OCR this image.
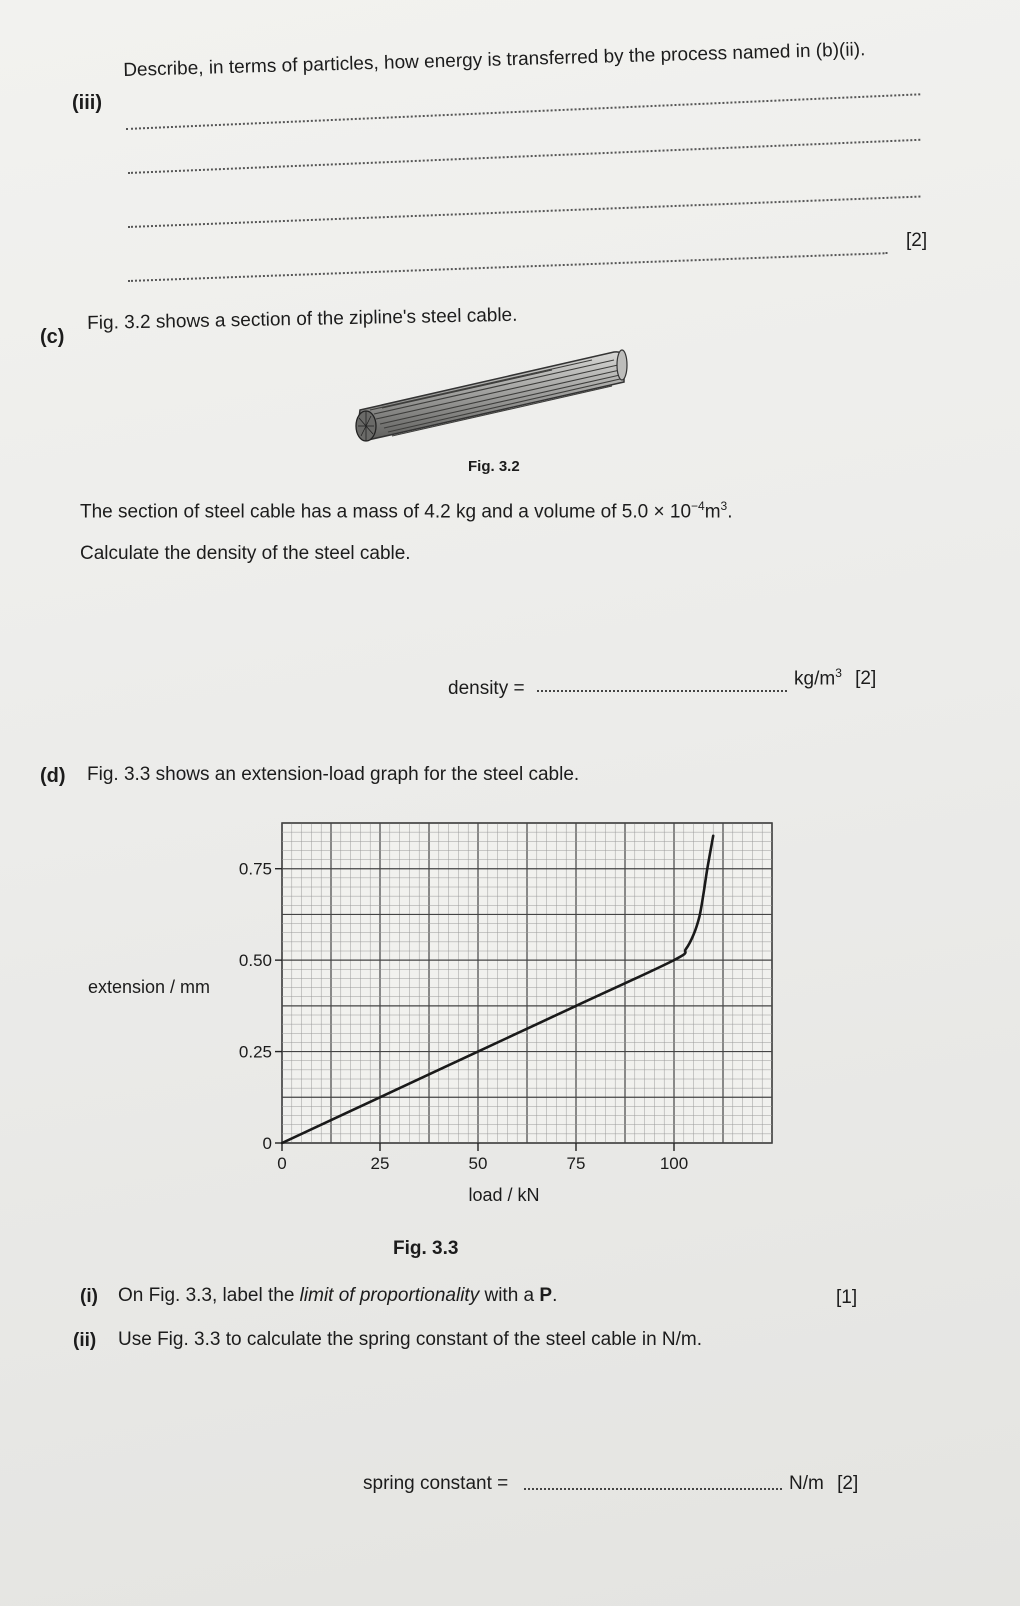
(iii)
Describe, in terms of particles, how energy is transferred by the process named in (b)(ii).
[2]
(c)
Fig. 3.2 shows a section of the zipline's steel cable.
Fig. 3.2
The section of steel cable has a mass of 4.2 kg and a volume of $5.0 \times 10^{-4}m^3$.
Calculate the density of the steel cable.
density =	$kg/m^3$ [2]
(d) Fig. 3.3 shows an extension-load graph for the steel cable.
0	25	50	75	100
0
0.25
0.50
0.75
extension / mm
load / kN
Fig. 3.3
(i) On Fig. 3.3, label the limit of proportionality with a P.	[1]
(ii) Use Fig. 3.3 to calculate the spring constant of the steel cable in N/m.
spring constant =	N/m [2]
